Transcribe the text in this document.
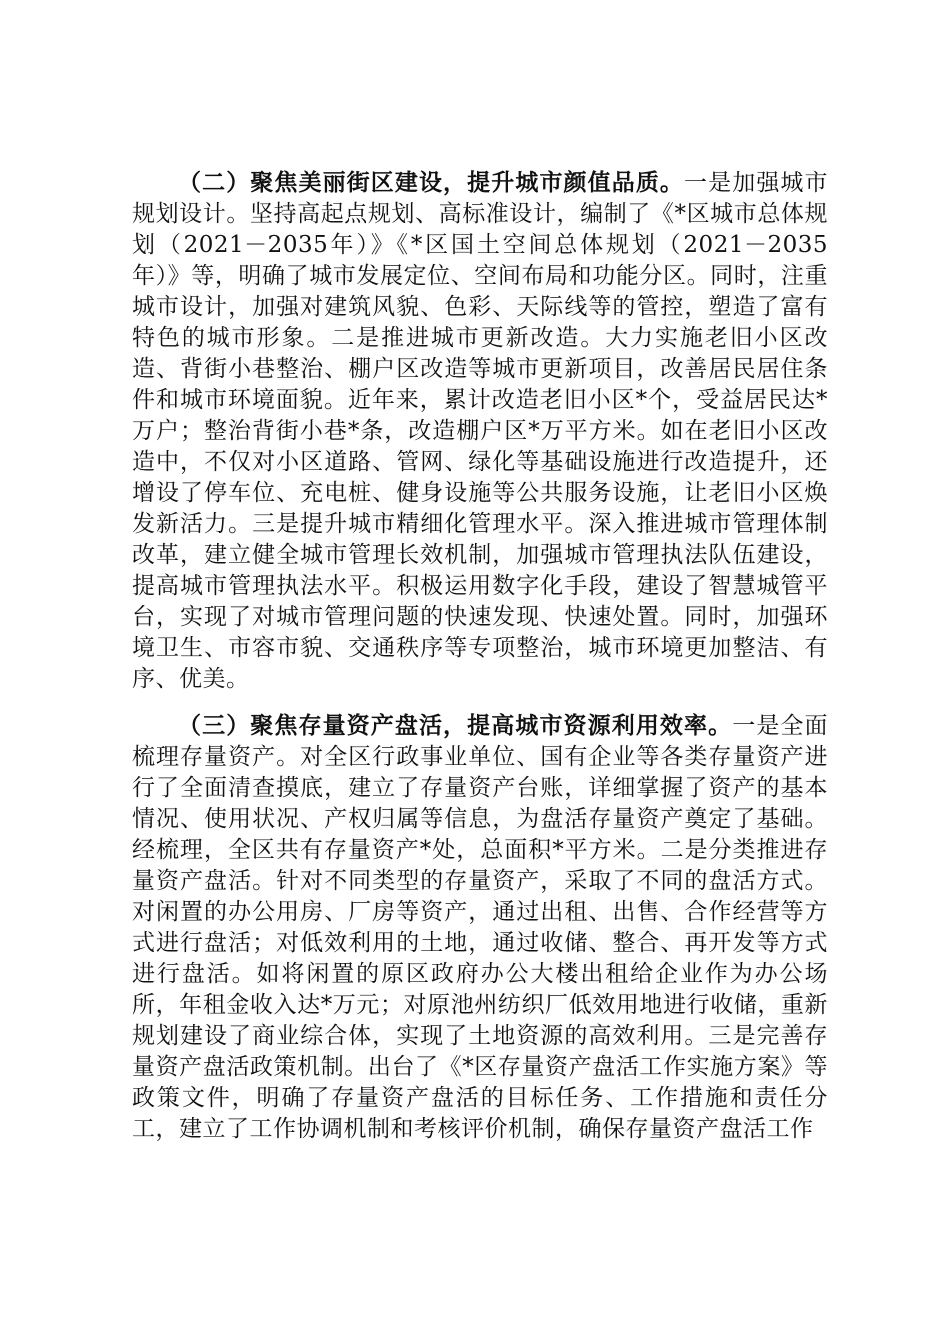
（二）聚焦美丽街区建设，提升城市颜值品质。一是加强城市规划设计。坚持高起点规划、高标准设计，编制了《*区城市总体规划（2021－2035年）》《*区国土空间总体规划（2021－2035年）》等，明确了城市发展定位、空间布局和功能分区。同时，注重城市设计，加强对建筑风貌、色彩、天际线等的管控，塑造了富有特色的城市形象。二是推进城市更新改造。大力实施老旧小区改造、背街小巷整治、棚户区改造等城市更新项目，改善居民居住条件和城市环境面貌。近年来，累计改造老旧小区*个，受益居民达*万户；整治背街小巷*条，改造棚户区*万平方米。如在老旧小区改造中，不仅对小区道路、管网、绿化等基础设施进行改造提升，还增设了停车位、充电桩、健身设施等公共服务设施，让老旧小区焕发新活力。三是提升城市精细化管理水平。深入推进城市管理体制改革，建立健全城市管理长效机制，加强城市管理执法队伍建设，提高城市管理执法水平。积极运用数字化手段，建设了智慧城管平台，实现了对城市管理问题的快速发现、快速处置。同时，加强环境卫生、市容市貌、交通秩序等专项整治，城市环境更加整洁、有序、优美。

（三）聚焦存量资产盘活，提高城市资源利用效率。一是全面梳理存量资产。对全区行政事业单位、国有企业等各类存量资产进行了全面清查摸底，建立了存量资产台账，详细掌握了资产的基本情况、使用状况、产权归属等信息，为盘活存量资产奠定了基础。经梳理，全区共有存量资产*处，总面积*平方米。二是分类推进存量资产盘活。针对不同类型的存量资产，采取了不同的盘活方式。对闲置的办公用房、厂房等资产，通过出租、出售、合作经营等方式进行盘活；对低效利用的土地，通过收储、整合、再开发等方式进行盘活。如将闲置的原区政府办公大楼出租给企业作为办公场所，年租金收入达*万元；对原池州纺织厂低效用地进行收储，重新规划建设了商业综合体，实现了土地资源的高效利用。三是完善存量资产盘活政策机制。出台了《*区存量资产盘活工作实施方案》等政策文件，明确了存量资产盘活的目标任务、工作措施和责任分工，建立了工作协调机制和考核评价机制，确保存量资产盘活工作
